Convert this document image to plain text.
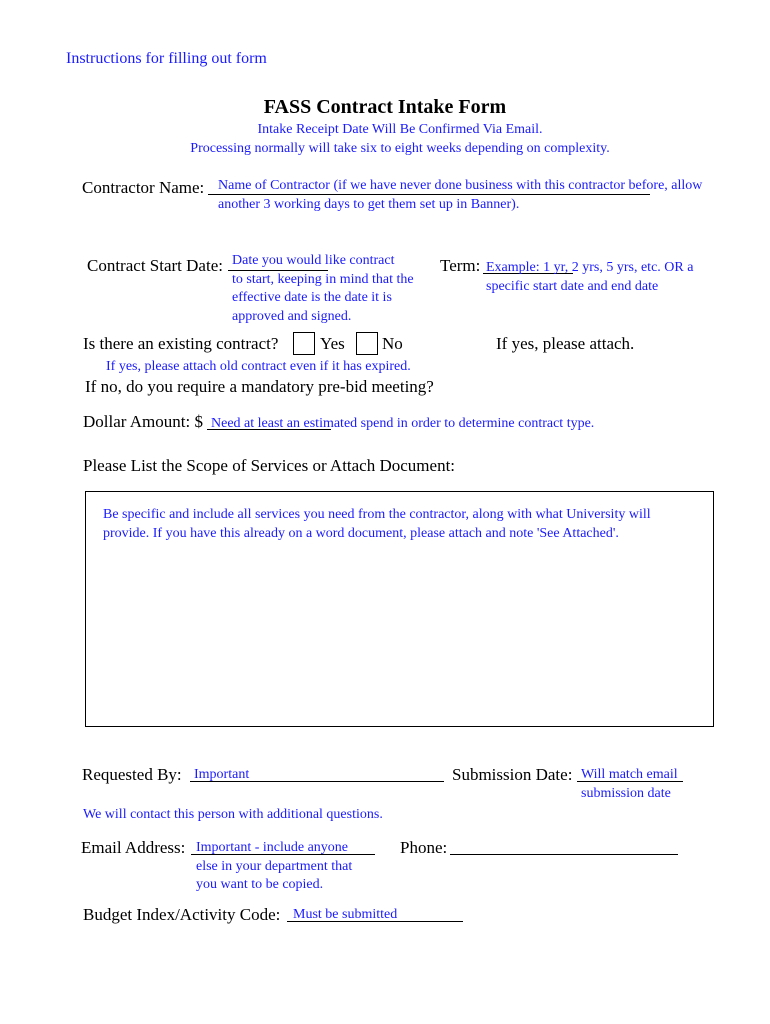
Instructions for filling out form
FASS Contract Intake Form
Intake Receipt Date Will Be Confirmed Via Email.
Processing normally will take six to eight weeks depending on complexity.
Contractor Name: Name of Contractor (if we have never done business with this contractor before, allow
another 3 working days to get them set up in Banner).
Contract Start Date: Date you would like contract
to start, keeping in mind that the
effective date is the date it is
approved and signed.
Term: Example: 1 yr, 2 yrs, 5 yrs, etc. OR a
specific start date and end date
Is there an existing contract? Yes No	If yes, please attach.
If yes, please attach old contract even if it has expired.
If no, do you require a mandatory pre-bid meeting?
Dollar Amount: $ Need at least an estimated spend in order to determine contract type.
Please List the Scope of Services or Attach Document:
Be specific and include all services you need from the contractor, along with what University will
provide. If you have this already on a word document, please attach and note 'See Attached'.
Requested By: Important	Submission Date: Will match email
submission date
We will contact this person with additional questions.
Email Address: Important - include anyone
else in your department that
you want to be copied.
Phone:
Budget Index/Activity Code: Must be submitted
